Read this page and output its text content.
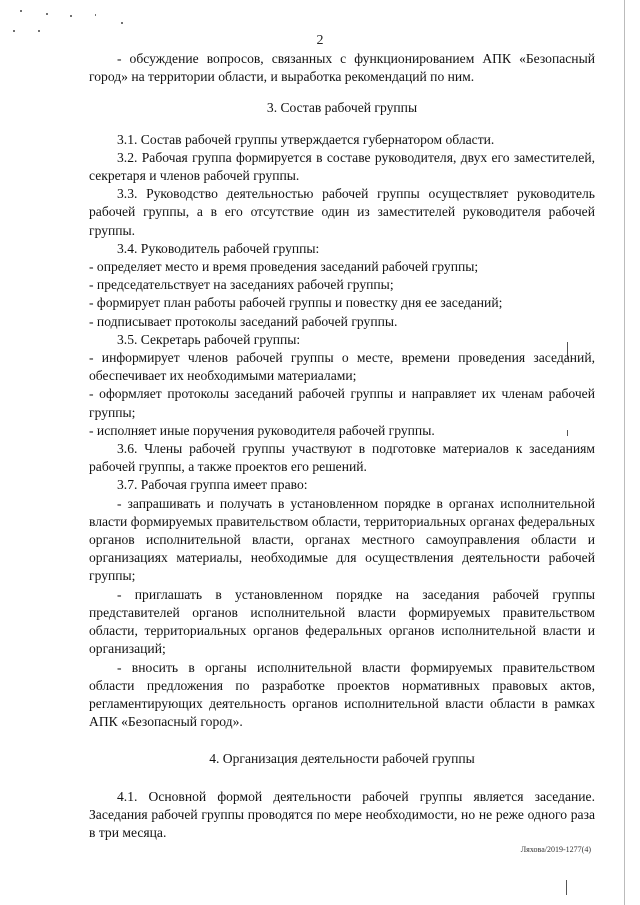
2

- обсуждение вопросов, связанных с функционированием АПК «Безопасный город» на территории области, и выработка рекомендаций по ним.

3. Состав рабочей группы

3.1. Состав рабочей группы утверждается губернатором области.

3.2. Рабочая группа формируется в составе руководителя, двух его заместителей, секретаря и членов рабочей группы.

3.3. Руководство деятельностью рабочей группы осуществляет руководитель рабочей группы, а в его отсутствие один из заместителей руководителя рабочей группы.

3.4. Руководитель рабочей группы:

- определяет место и время проведения заседаний рабочей группы;

- председательствует на заседаниях рабочей группы;

- формирует план работы рабочей группы и повестку дня ее заседаний;

- подписывает протоколы заседаний рабочей группы.

3.5. Секретарь рабочей группы:

- информирует членов рабочей группы о месте, времени проведения заседаний, обеспечивает их необходимыми материалами;

- оформляет протоколы заседаний рабочей группы и направляет их членам рабочей группы;

- исполняет иные поручения руководителя рабочей группы.

3.6. Члены рабочей группы участвуют в подготовке материалов к заседаниям рабочей группы, а также проектов его решений.

3.7. Рабочая группа имеет право:

- запрашивать и получать в установленном порядке в органах исполнительной власти формируемых правительством области, территориальных органах федеральных органов исполнительной власти, органах местного самоуправления области и организациях материалы, необходимые для осуществления деятельности рабочей группы;

- приглашать в установленном порядке на заседания рабочей группы представителей органов исполнительной власти формируемых правительством области, территориальных органов федеральных органов исполнительной власти и организаций;

- вносить в органы исполнительной власти формируемых правительством области предложения по разработке проектов нормативных правовых актов, регламентирующих деятельность органов исполнительной власти области в рамках АПК «Безопасный город».

4. Организация деятельности рабочей группы

4.1. Основной формой деятельности рабочей группы является заседание. Заседания рабочей группы проводятся по мере необходимости, но не реже одного раза в три месяца.

Ляхова/2019-1277(4)
